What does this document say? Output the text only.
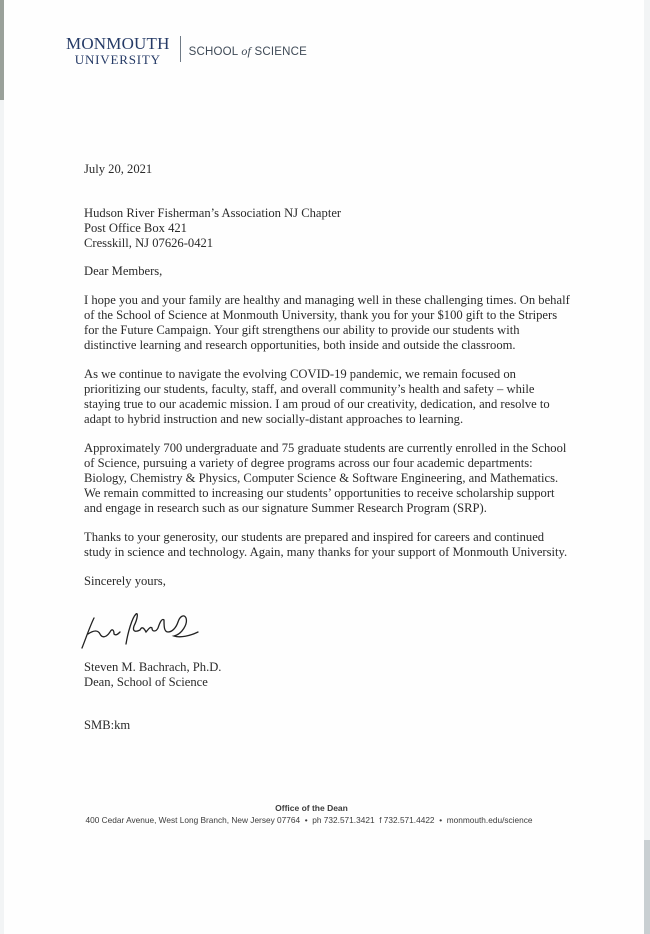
MONMOUTH
UNIVERSITY SCHOOL of SCIENCE
July 20, 2021
Hudson River Fisherman’s Association NJ Chapter
Post Office Box 421
Cresskill, NJ 07626-0421
Dear Members,
I hope you and your family are healthy and managing well in these challenging times. On behalf
of the School of Science at Monmouth University, thank you for your $100 gift to the Stripers
for the Future Campaign. Your gift strengthens our ability to provide our students with
distinctive learning and research opportunities, both inside and outside the classroom.
As we continue to navigate the evolving COVID-19 pandemic, we remain focused on
prioritizing our students, faculty, staff, and overall community’s health and safety – while
staying true to our academic mission. I am proud of our creativity, dedication, and resolve to
adapt to hybrid instruction and new socially-distant approaches to learning.
Approximately 700 undergraduate and 75 graduate students are currently enrolled in the School
of Science, pursuing a variety of degree programs across our four academic departments:
Biology, Chemistry & Physics, Computer Science & Software Engineering, and Mathematics.
We remain committed to increasing our students’ opportunities to receive scholarship support
and engage in research such as our signature Summer Research Program (SRP).
Thanks to your generosity, our students are prepared and inspired for careers and continued
study in science and technology. Again, many thanks for your support of Monmouth University.
Sincerely yours,
Steven M. Bachrach, Ph.D.
Dean, School of Science
SMB:km
Office of the Dean
400 Cedar Avenue, West Long Branch, New Jersey 07764 • ph 732.571.3421 f 732.571.4422 • monmouth.edu/science
